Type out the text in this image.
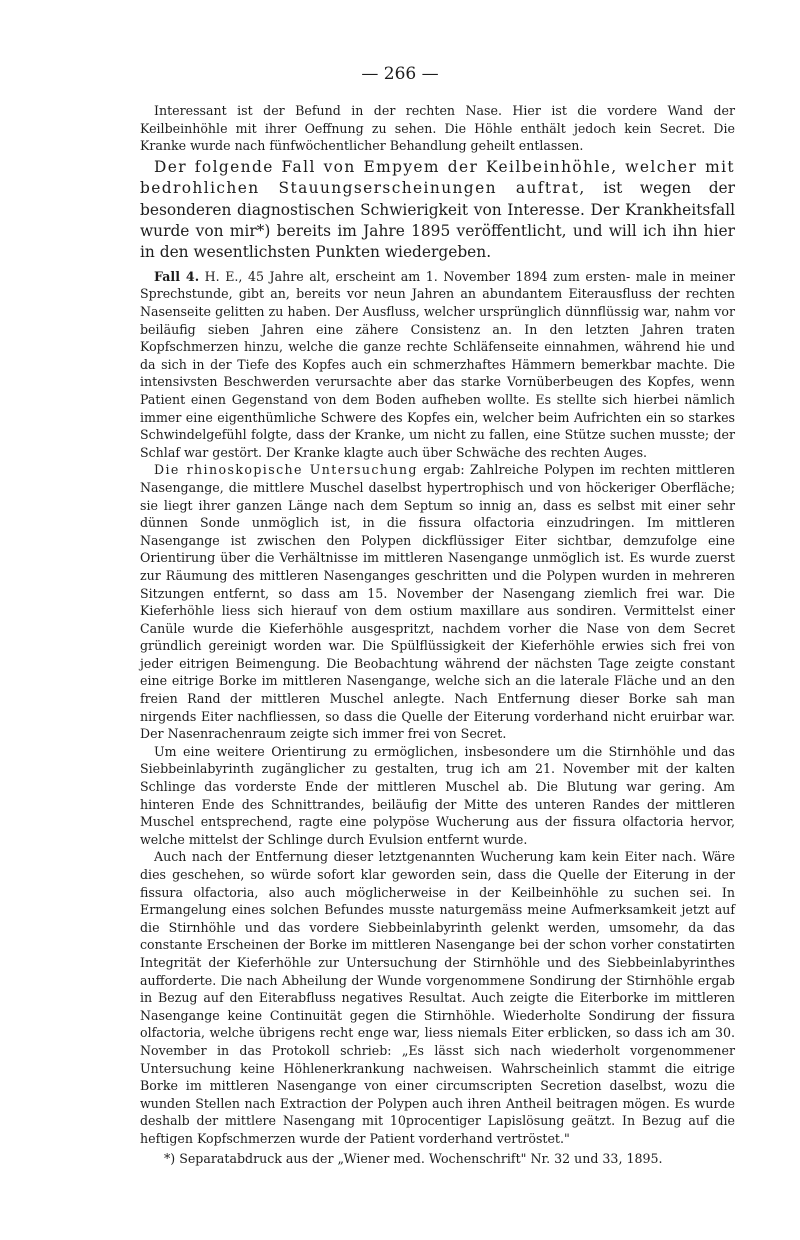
— 266 —

Interessant ist der Befund in der rechten Nase. Hier ist die vordere Wand der Keilbeinhöhle mit ihrer Oeffnung zu sehen. Die Höhle enthält jedoch kein Secret. Die Kranke wurde nach fünfwöchentlicher Behandlung geheilt entlassen.

Der folgende Fall von Empyem der Keilbeinhöhle, welcher mit bedrohlichen Stauungserscheinungen auftrat, ist wegen der besonderen diagnostischen Schwierigkeit von Interesse. Der Krankheitsfall wurde von mir*) bereits im Jahre 1895 veröffentlicht, und will ich ihn hier in den wesentlichsten Punkten wiedergeben.

Fall 4. H. E., 45 Jahre alt, erscheint am 1. November 1894 zum ersten- male in meiner Sprechstunde, gibt an, bereits vor neun Jahren an abundantem Eiterausfluss der rechten Nasenseite gelitten zu haben. Der Ausfluss, welcher ursprünglich dünnflüssig war, nahm vor beiläufig sieben Jahren eine zähere Consistenz an. In den letzten Jahren traten Kopfschmerzen hinzu, welche die ganze rechte Schläfenseite einnahmen, während hie und da sich in der Tiefe des Kopfes auch ein schmerzhaftes Hämmern bemerkbar machte. Die intensivsten Beschwerden verursachte aber das starke Vornüberbeugen des Kopfes, wenn Patient einen Gegenstand von dem Boden aufheben wollte. Es stellte sich hierbei nämlich immer eine eigenthümliche Schwere des Kopfes ein, welcher beim Aufrichten ein so starkes Schwindelgefühl folgte, dass der Kranke, um nicht zu fallen, eine Stütze suchen musste; der Schlaf war gestört. Der Kranke klagte auch über Schwäche des rechten Auges.

Die rhinoskopische Untersuchung ergab: Zahlreiche Polypen im rechten mittleren Nasengange, die mittlere Muschel daselbst hypertrophisch und von höckeriger Oberfläche; sie liegt ihrer ganzen Länge nach dem Septum so innig an, dass es selbst mit einer sehr dünnen Sonde unmöglich ist, in die fissura olfactoria einzudringen. Im mittleren Nasengange ist zwischen den Polypen dickflüssiger Eiter sichtbar, demzufolge eine Orientirung über die Verhältnisse im mittleren Nasengange unmöglich ist. Es wurde zuerst zur Räumung des mittleren Nasenganges geschritten und die Polypen wurden in mehreren Sitzungen entfernt, so dass am 15. November der Nasengang ziemlich frei war. Die Kieferhöhle liess sich hierauf von dem ostium maxillare aus sondiren. Vermittelst einer Canüle wurde die Kieferhöhle ausgespritzt, nachdem vorher die Nase von dem Secret gründlich gereinigt worden war. Die Spülflüssigkeit der Kieferhöhle erwies sich frei von jeder eitrigen Beimengung. Die Beobachtung während der nächsten Tage zeigte constant eine eitrige Borke im mittleren Nasengange, welche sich an die laterale Fläche und an den freien Rand der mittleren Muschel anlegte. Nach Entfernung dieser Borke sah man nirgends Eiter nachfliessen, so dass die Quelle der Eiterung vorderhand nicht eruirbar war. Der Nasenrachenraum zeigte sich immer frei von Secret.

Um eine weitere Orientirung zu ermöglichen, insbesondere um die Stirnhöhle und das Siebbeinlabyrinth zugänglicher zu gestalten, trug ich am 21. November mit der kalten Schlinge das vorderste Ende der mittleren Muschel ab. Die Blutung war gering. Am hinteren Ende des Schnittrandes, beiläufig der Mitte des unteren Randes der mittleren Muschel entsprechend, ragte eine polypöse Wucherung aus der fissura olfactoria hervor, welche mittelst der Schlinge durch Evulsion entfernt wurde.

Auch nach der Entfernung dieser letztgenannten Wucherung kam kein Eiter nach. Wäre dies geschehen, so würde sofort klar geworden sein, dass die Quelle der Eiterung in der fissura olfactoria, also auch möglicherweise in der Keilbeinhöhle zu suchen sei. In Ermangelung eines solchen Befundes musste naturgemäss meine Aufmerksamkeit jetzt auf die Stirnhöhle und das vordere Siebbeinlabyrinth gelenkt werden, umsomehr, da das constante Erscheinen der Borke im mittleren Nasengange bei der schon vorher constatirten Integrität der Kieferhöhle zur Untersuchung der Stirnhöhle und des Siebbeinlabyrinthes aufforderte. Die nach Abheilung der Wunde vorgenommene Sondirung der Stirnhöhle ergab in Bezug auf den Eiterabfluss negatives Resultat. Auch zeigte die Eiterborke im mittleren Nasengange keine Continuität gegen die Stirnhöhle. Wiederholte Sondirung der fissura olfactoria, welche übrigens recht enge war, liess niemals Eiter erblicken, so dass ich am 30. November in das Protokoll schrieb: „Es lässt sich nach wiederholt vorgenommener Untersuchung keine Höhlenerkrankung nachweisen. Wahrscheinlich stammt die eitrige Borke im mittleren Nasengange von einer circumscripten Secretion daselbst, wozu die wunden Stellen nach Extraction der Polypen auch ihren Antheil beitragen mögen. Es wurde deshalb der mittlere Nasengang mit 10procentiger Lapislösung geätzt. In Bezug auf die heftigen Kopfschmerzen wurde der Patient vorderhand vertröstet."

*) Separatabdruck aus der „Wiener med. Wochenschrift" Nr. 32 und 33, 1895.
